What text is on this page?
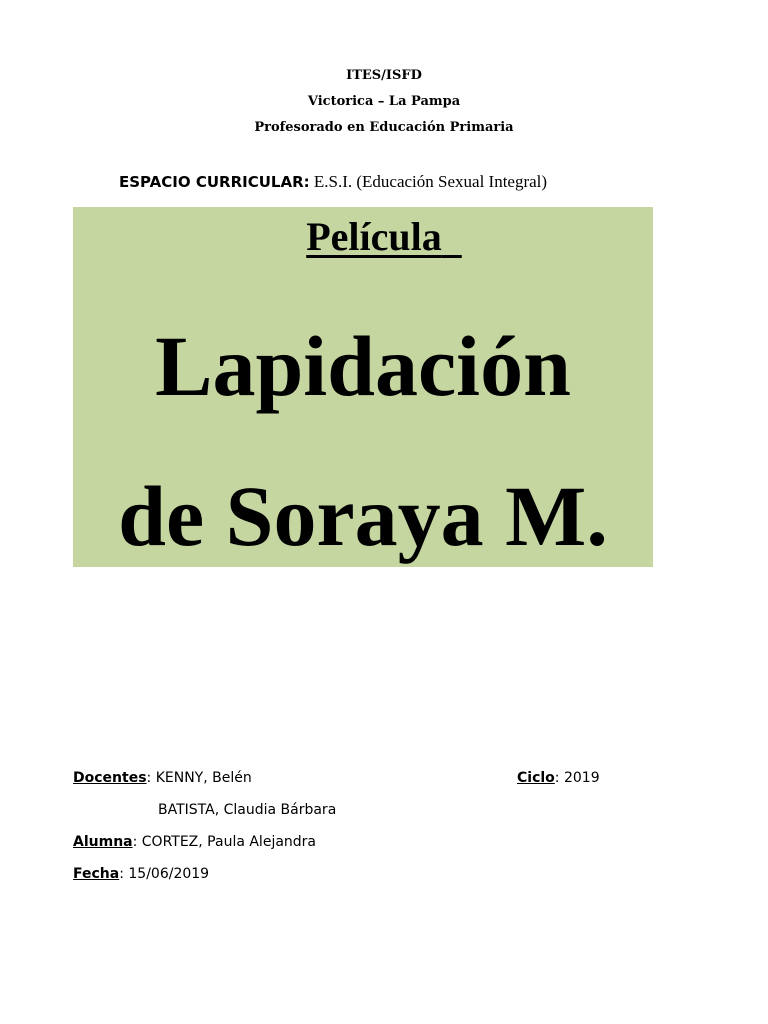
ITES/ISFD
Victorica – La Pampa
Profesorado en Educación Primaria
ESPACIO CURRICULAR: E.S.I. (Educación Sexual Integral)
Película
Lapidación
de Soraya M.
Docentes: KENNY, Belén
BATISTA, Claudia Bárbara
Ciclo: 2019
Alumna: CORTEZ, Paula Alejandra
Fecha: 15/06/2019
